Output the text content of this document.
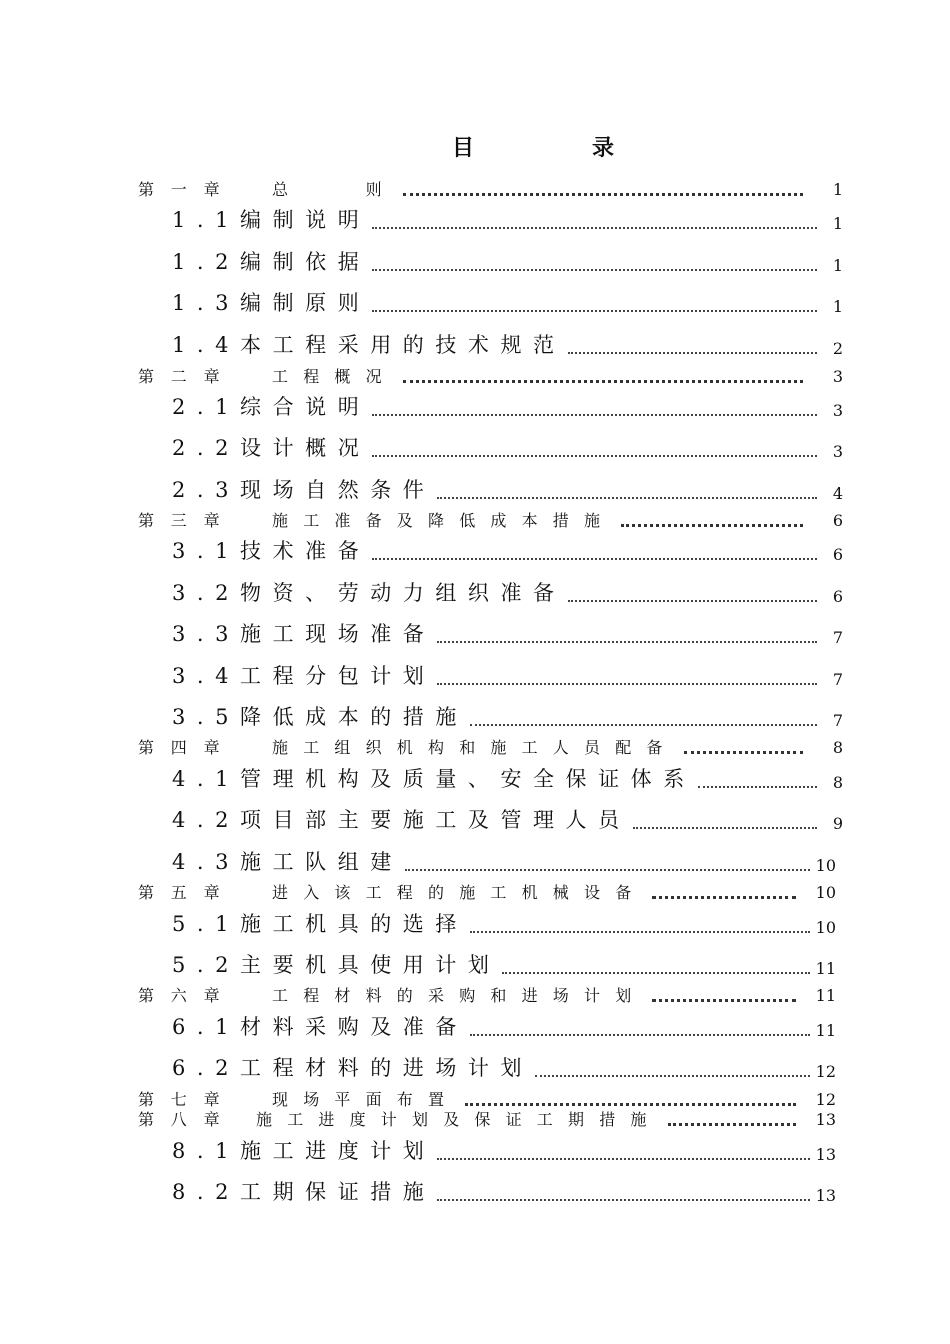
目	录
第一章 总　　则	1
1.1编制说明	1
1.2编制依据	1
1.3编制原则	1
1.4本工程采用的技术规范	2
第二章 工程概况	3
2.1综合说明	3
2.2设计概况	3
2.3现场自然条件	4
第三章 施工准备及降低成本措施	6
3.1技术准备	6
3.2物资、劳动力组织准备	6
3.3施工现场准备	7
3.4工程分包计划	7
3.5降低成本的措施	7
第四章 施工组织机构和施工人员配备	8
4.1管理机构及质量、安全保证体系	8
4.2项目部主要施工及管理人员	9
4.3施工队组建	10
第五章 进入该工程的施工机械设备	10
5.1施工机具的选择	10
5.2主要机具使用计划	11
第六章 工程材料的采购和进场计划	11
6.1材料采购及准备	11
6.2工程材料的进场计划	12
第七章 现场平面布置	12
第八章 施工进度计划及保证工期措施	13
8.1施工进度计划	13
8.2工期保证措施	13
